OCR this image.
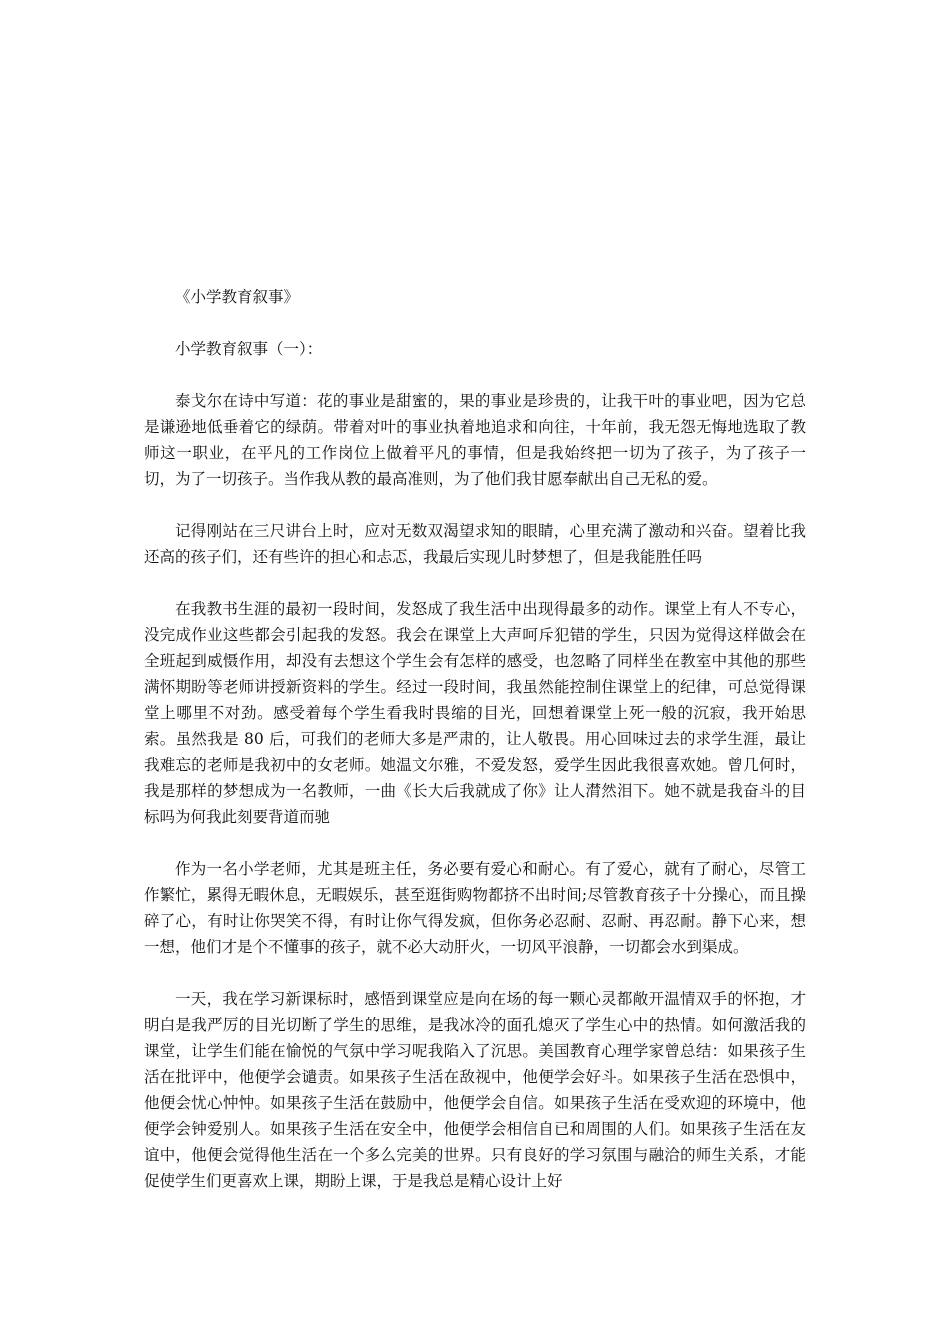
《小学教育叙事》

小学教育叙事（一）：

泰戈尔在诗中写道：花的事业是甜蜜的，果的事业是珍贵的，让我干叶的事业吧，因为它总是谦逊地低垂着它的绿荫。带着对叶的事业执着地追求和向往，十年前，我无怨无悔地选取了教师这一职业，在平凡的工作岗位上做着平凡的事情，但是我始终把一切为了孩子，为了孩子一切，为了一切孩子。当作我从教的最高准则，为了他们我甘愿奉献出自己无私的爱。

记得刚站在三尺讲台上时，应对无数双渴望求知的眼睛，心里充满了激动和兴奋。望着比我还高的孩子们，还有些许的担心和忐忑，我最后实现儿时梦想了，但是我能胜任吗

在我教书生涯的最初一段时间，发怒成了我生活中出现得最多的动作。课堂上有人不专心，没完成作业这些都会引起我的发怒。我会在课堂上大声呵斥犯错的学生，只因为觉得这样做会在全班起到威慑作用，却没有去想这个学生会有怎样的感受，也忽略了同样坐在教室中其他的那些满怀期盼等老师讲授新资料的学生。经过一段时间，我虽然能控制住课堂上的纪律，可总觉得课堂上哪里不对劲。感受着每个学生看我时畏缩的目光，回想着课堂上死一般的沉寂，我开始思索。虽然我是 80 后，可我们的老师大多是严肃的，让人敬畏。用心回味过去的求学生涯，最让我难忘的老师是我初中的女老师。她温文尔雅，不爱发怒，爱学生因此我很喜欢她。曾几何时，我是那样的梦想成为一名教师，一曲《长大后我就成了你》让人潸然泪下。她不就是我奋斗的目标吗为何我此刻要背道而驰

作为一名小学老师，尤其是班主任，务必要有爱心和耐心。有了爱心，就有了耐心，尽管工作繁忙，累得无暇休息，无暇娱乐，甚至逛街购物都挤不出时间;尽管教育孩子十分操心，而且操碎了心，有时让你哭笑不得，有时让你气得发疯，但你务必忍耐、忍耐、再忍耐。静下心来，想一想，他们才是个不懂事的孩子，就不必大动肝火，一切风平浪静，一切都会水到渠成。

一天，我在学习新课标时，感悟到课堂应是向在场的每一颗心灵都敞开温情双手的怀抱，才明白是我严厉的目光切断了学生的思维，是我冰冷的面孔熄灭了学生心中的热情。如何激活我的课堂，让学生们能在愉悦的气氛中学习呢我陷入了沉思。美国教育心理学家曾总结：如果孩子生活在批评中，他便学会谴责。如果孩子生活在敌视中，他便学会好斗。如果孩子生活在恐惧中，他便会忧心忡忡。如果孩子生活在鼓励中，他便学会自信。如果孩子生活在受欢迎的环境中，他便学会钟爱别人。如果孩子生活在安全中，他便学会相信自已和周围的人们。如果孩子生活在友谊中，他便会觉得他生活在一个多么完美的世界。只有良好的学习氛围与融洽的师生关系，才能促使学生们更喜欢上课，期盼上课，于是我总是精心设计上好
